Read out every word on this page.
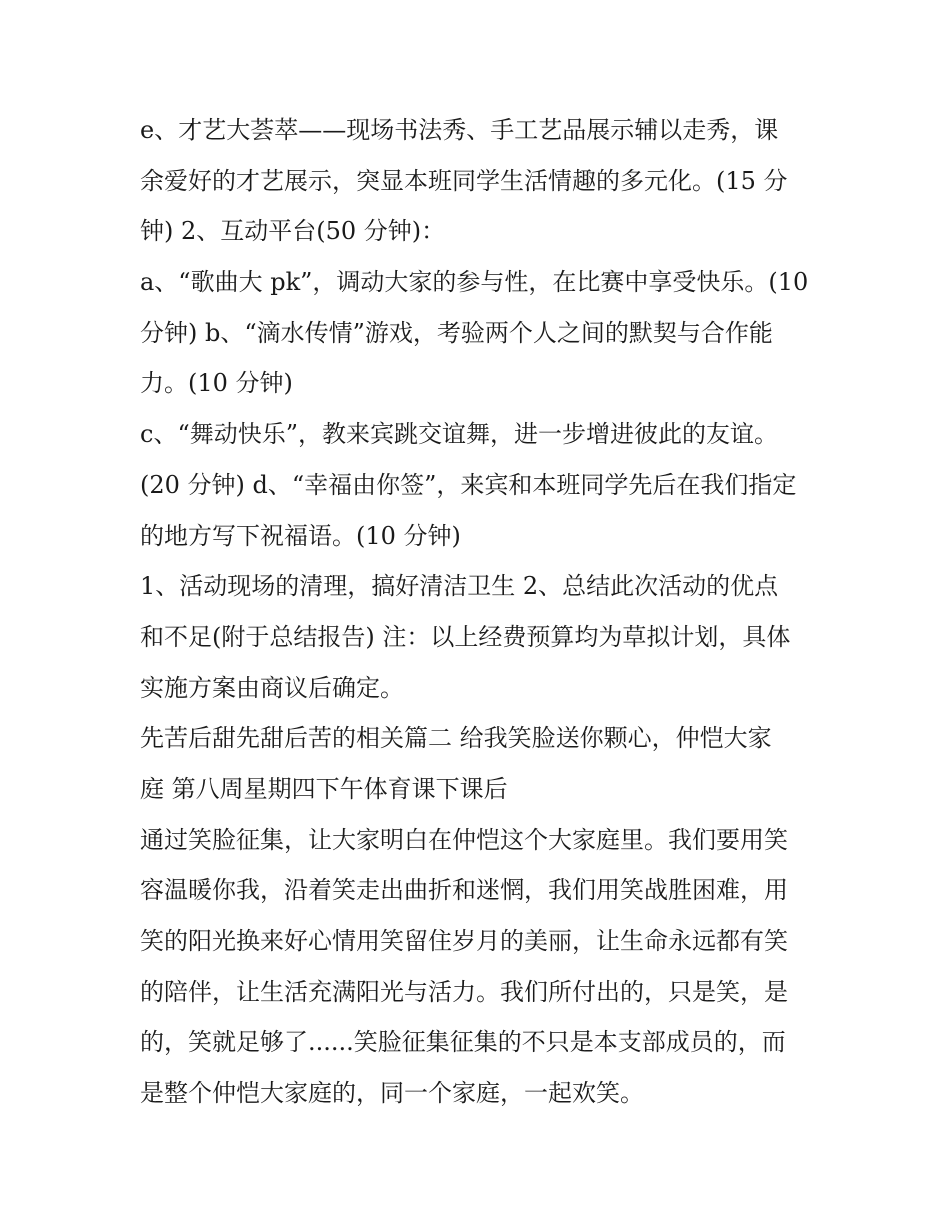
e、才艺大荟萃——现场书法秀、手工艺品展示辅以走秀，课
余爱好的才艺展示，突显本班同学生活情趣的多元化。(15 分
钟) 2、互动平台(50 分钟)：

a、“歌曲大 pk”，调动大家的参与性，在比赛中享受快乐。(10
分钟) b、“滴水传情”游戏，考验两个人之间的默契与合作能
力。(10 分钟)

c、“舞动快乐”，教来宾跳交谊舞，进一步增进彼此的友谊。
(20 分钟) d、“幸福由你签”，来宾和本班同学先后在我们指定
的地方写下祝福语。(10 分钟)

1、活动现场的清理，搞好清洁卫生 2、总结此次活动的优点
和不足(附于总结报告) 注：以上经费预算均为草拟计划，具体
实施方案由商议后确定。

先苦后甜先甜后苦的相关篇二 给我笑脸送你颗心，仲恺大家
庭 第八周星期四下午体育课下课后

通过笑脸征集，让大家明白在仲恺这个大家庭里。我们要用笑
容温暖你我，沿着笑走出曲折和迷惘，我们用笑战胜困难，用
笑的阳光换来好心情用笑留住岁月的美丽，让生命永远都有笑
的陪伴，让生活充满阳光与活力。我们所付出的，只是笑，是
的，笑就足够了......笑脸征集征集的不只是本支部成员的，而
是整个仲恺大家庭的，同一个家庭，一起欢笑。
